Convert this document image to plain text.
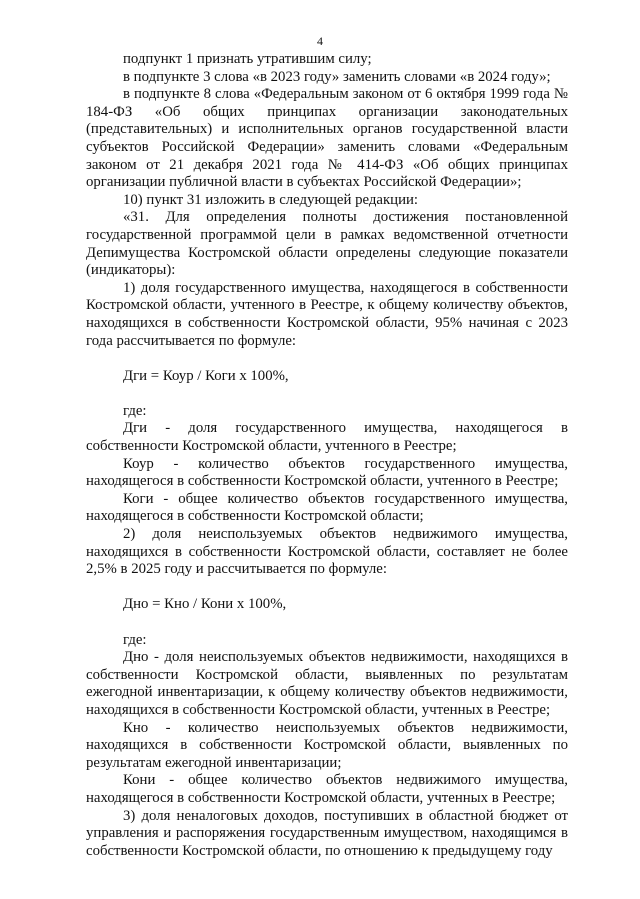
4

подпункт 1 признать утратившим силу;

в подпункте 3 слова «в 2023 году» заменить словами «в 2024 году»;

в подпункте 8 слова «Федеральным законом от 6 октября 1999 года № 184-ФЗ «Об общих принципах организации законодательных (представительных) и исполнительных органов государственной власти субъектов Российской Федерации» заменить словами «Федеральным законом от 21 декабря 2021 года № 414-ФЗ «Об общих принципах организации публичной власти в субъектах Российской Федерации»;

10) пункт 31 изложить в следующей редакции:

«31. Для определения полноты достижения постановленной государственной программой цели в рамках ведомственной отчетности Депимущества Костромской области определены следующие показатели (индикаторы):

1) доля государственного имущества, находящегося в собственности Костромской области, учтенного в Реестре, к общему количеству объектов, находящихся в собственности Костромской области, 95% начиная с 2023 года рассчитывается по формуле:

Дги = Коур / Коги х 100%,

где:

Дги - доля государственного имущества, находящегося в собственности Костромской области, учтенного в Реестре;

Коур - количество объектов государственного имущества, находящегося в собственности Костромской области, учтенного в Реестре;

Коги - общее количество объектов государственного имущества, находящегося в собственности Костромской области;

2) доля неиспользуемых объектов недвижимого имущества, находящихся в собственности Костромской области, составляет не более 2,5% в 2025 году и рассчитывается по формуле:

Дно = Кно / Кони х 100%,

где:

Дно - доля неиспользуемых объектов недвижимости, находящихся в собственности Костромской области, выявленных по результатам ежегодной инвентаризации, к общему количеству объектов недвижимости, находящихся в собственности Костромской области, учтенных в Реестре;

Кно - количество неиспользуемых объектов недвижимости, находящихся в собственности Костромской области, выявленных по результатам ежегодной инвентаризации;

Кони - общее количество объектов недвижимого имущества, находящегося в собственности Костромской области, учтенных в Реестре;

3) доля неналоговых доходов, поступивших в областной бюджет от управления и распоряжения государственным имуществом, находящимся в собственности Костромской области, по отношению к предыдущему году
